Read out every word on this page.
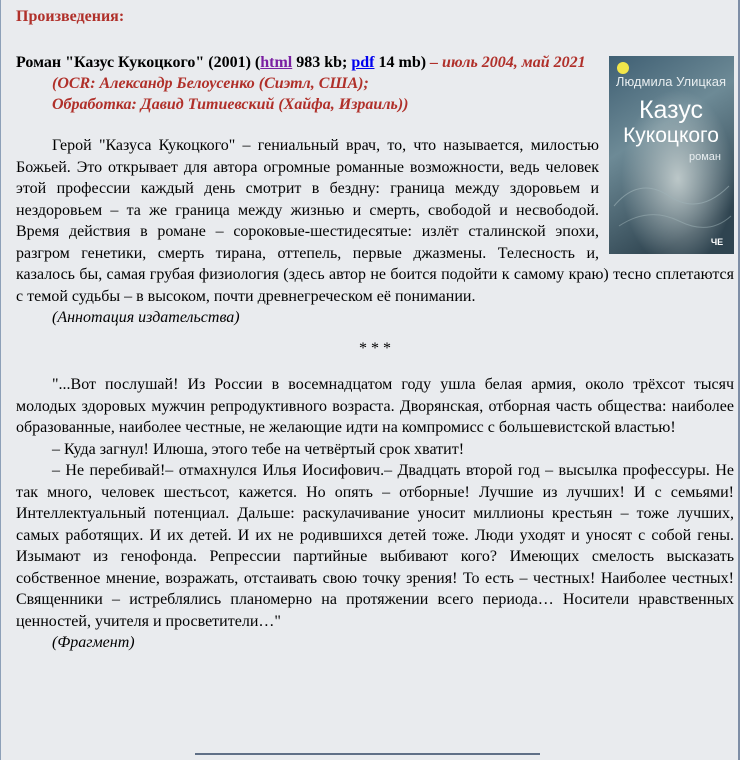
Произведения:
Людмила Улицкая
Казус
Кукоцкого
роман
ЧЕ

Роман "Казус Кукоцкого" (2001) (html 983 kb; pdf 14 mb) – июль 2004, май 2021

(OCR: Александр Белоусенко (Сиэтл, США);

Обработка: Давид Титиевский (Хайфа, Израиль))

Герой "Казуса Кукоцкого" – гениальный врач, то, что называется, милостью Божьей. Это открывает для автора огромные романные возможности, ведь человек этой профессии каждый день смотрит в бездну: граница между здоровьем и нездоровьем – та же граница между жизнью и смерть, свободой и несвободой. Время действия в романе – сороковые-шестидесятые: излёт сталинской эпохи, разгром генетики, смерть тирана, оттепель, первые джазмены. Телесность и, казалось бы, самая грубая физиология (здесь автор не боится подойти к самому краю) тесно сплетаются с темой судьбы – в высоком, почти древнегреческом её понимании.

(Аннотация издательства)

* * *

"...Вот послушай! Из России в восемнадцатом году ушла белая армия, около трёхсот тысяч молодых здоровых мужчин репродуктивного возраста. Дворянская, отборная часть общества: наиболее образованные, наиболее честные, не желающие идти на компромисс с большевистской властью!

– Куда загнул! Илюша, этого тебе на четвёртый срок хватит!

– Не перебивай!– отмахнулся Илья Иосифович.– Двадцать второй год – высылка профессуры. Не так много, человек шестьсот, кажется. Но опять – отборные! Лучшие из лучших! И с семьями! Интеллектуальный потенциал. Дальше: раскулачивание уносит миллионы крестьян – тоже лучших, самых работящих. И их детей. И их не родившихся детей тоже. Люди уходят и уносят с собой гены. Изымают из генофонда. Репрессии партийные выбивают кого? Имеющих смелость высказать собственное мнение, возражать, отстаивать свою точку зрения! То есть – честных! Наиболее честных! Священники – истреблялись планомерно на протяжении всего периода… Носители нравственных ценностей, учителя и просветители…"

(Фрагмент)
